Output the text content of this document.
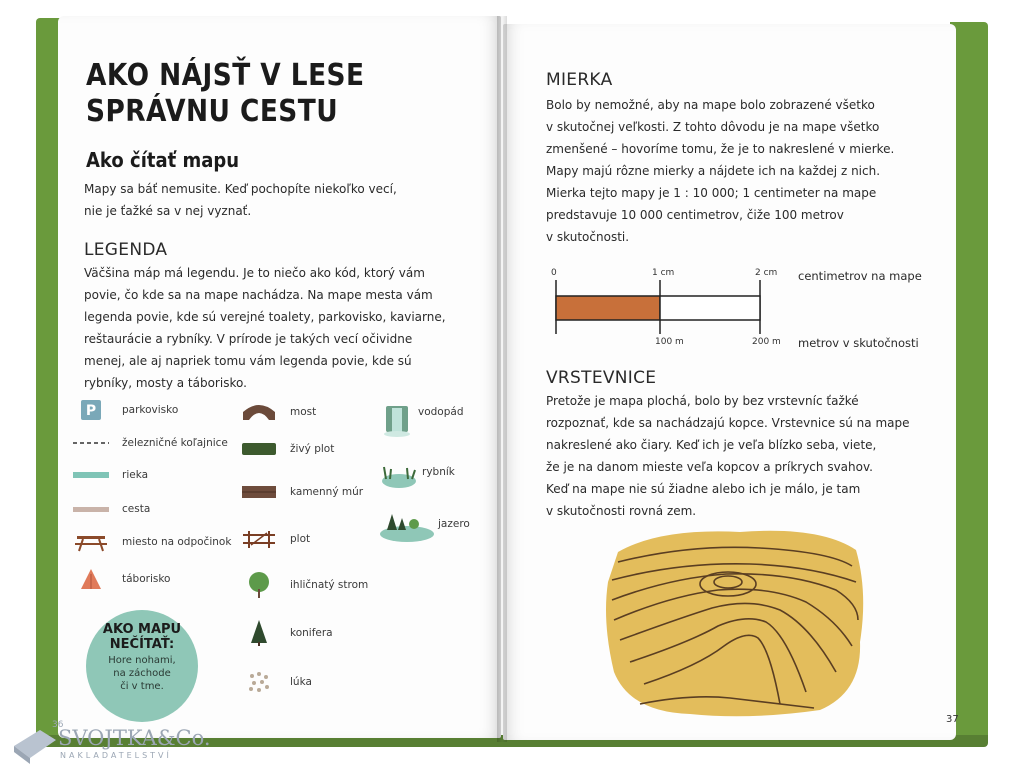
AKO NÁJSŤ V LESE
SPRÁVNU CESTU
Ako čítať mapu
Mapy sa báť nemusite. Keď pochopíte niekoľko vecí,
nie je ťažké sa v nej vyznať.
LEGENDA
Väčšina máp má legendu. Je to niečo ako kód, ktorý vám
povie, čo kde sa na mape nachádza. Na mape mesta vám
legenda povie, kde sú verejné toalety, parkovisko, kaviarne,
reštaurácie a rybníky. V prírode je takých vecí očividne
menej, ale aj napriek tomu vám legenda povie, kde sú
rybníky, mosty a táborisko.
P parkovisko
železničné koľajnice
rieka
cesta
miesto na odpočinok
táborisko
most
živý plot
kamenný múr
plot
ihličnatý strom
konifera
lúka
vodopád
rybník
jazero
AKO MAPU
NEČÍTAŤ:
Hore nohami,
na záchode
či v tme.
MIERKA
Bolo by nemožné, aby na mape bolo zobrazené všetko
v skutočnej veľkosti. Z tohto dôvodu je na mape všetko
zmenšené – hovoríme tomu, že je to nakreslené v mierke.
Mapy majú rôzne mierky a nájdete ich na každej z nich.
Mierka tejto mapy je 1 : 10 000; 1 centimeter na mape
predstavuje 10 000 centimetrov, čiže 100 metrov
v skutočnosti.
0	1 cm	2 cm
100 m	200 m
centimetrov na mape
metrov v skutočnosti
VRSTEVNICE
Pretože je mapa plochá, bolo by bez vrstevníc ťažké
rozpoznať, kde sa nachádzajú kopce. Vrstevnice sú na mape
nakreslené ako čiary. Keď ich je veľa blízko seba, viete,
že je na danom mieste veľa kopcov a príkrych svahov.
Keď na mape nie sú žiadne alebo ich je málo, je tam
v skutočnosti rovná zem.
37
SVOJTKA&Co.
NAKLADATELSTVÍ
36
